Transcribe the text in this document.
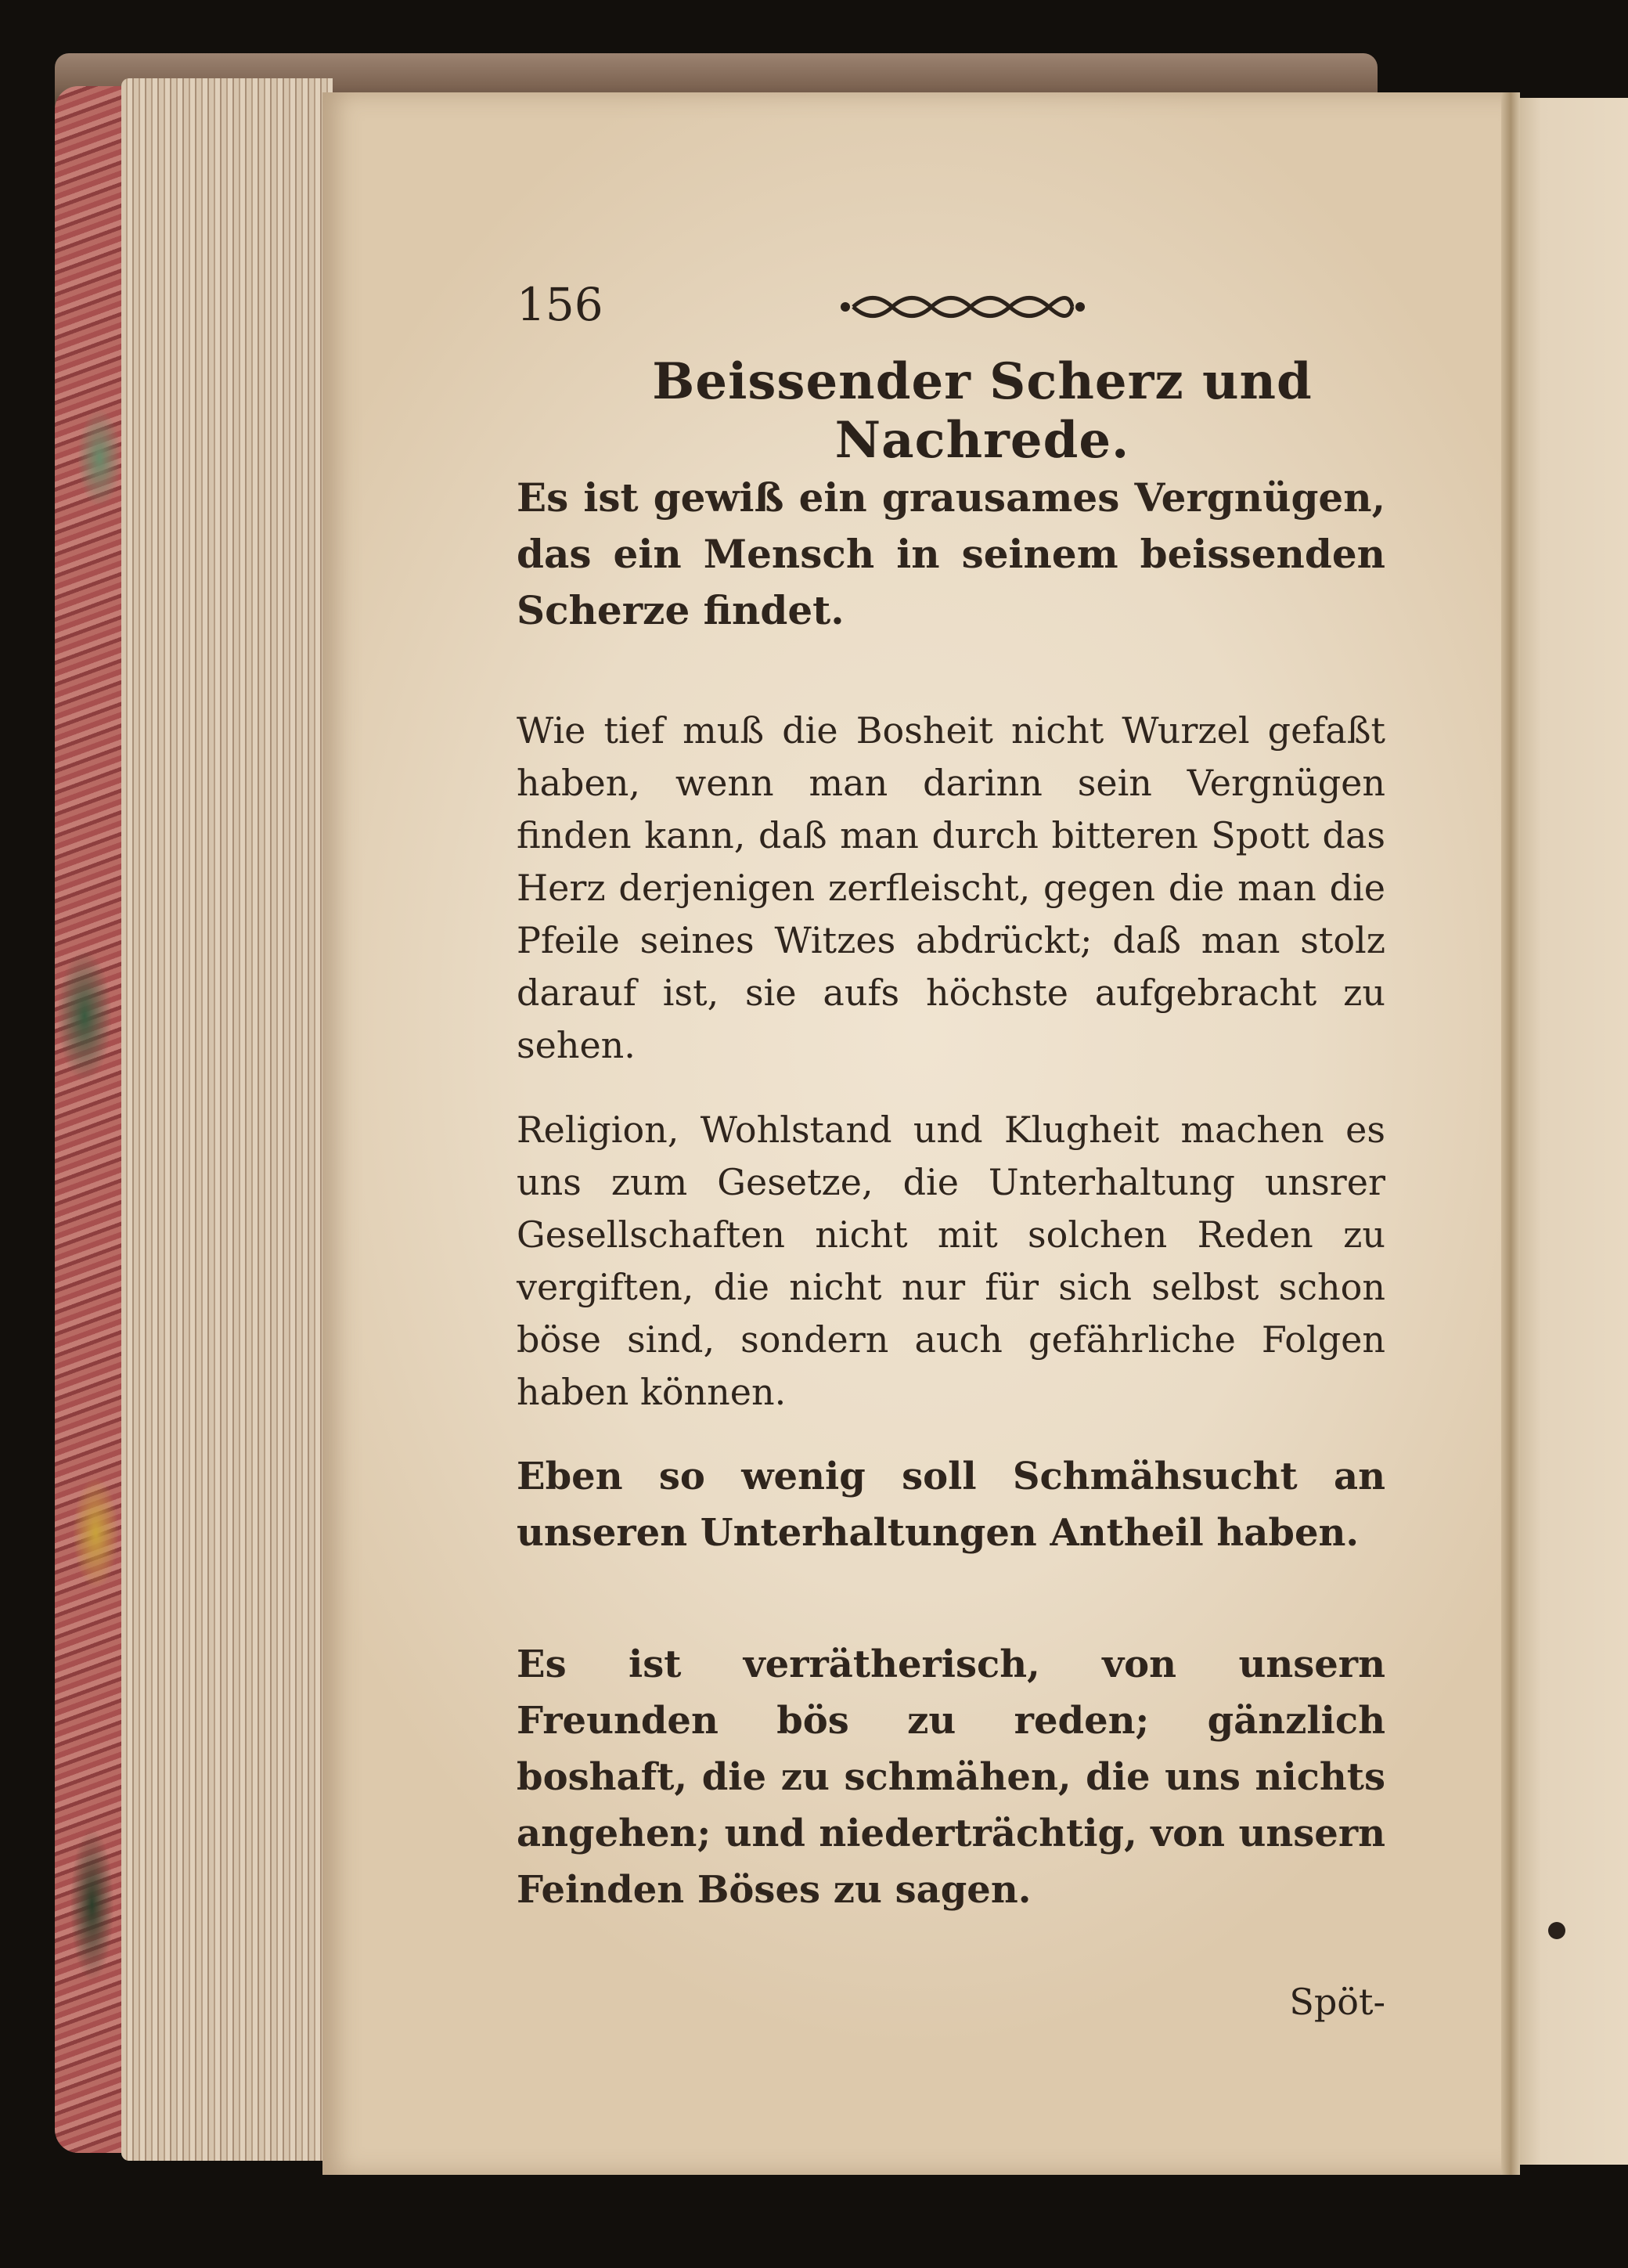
156
Beissender Scherz und Nachrede.
Es ist gewiß ein grausames Vergnügen, das ein Mensch in seinem beissenden Scherze findet.
Wie tief muß die Bosheit nicht Wurzel gefaßt haben, wenn man darinn sein Vergnügen finden kann, daß man durch bitteren Spott das Herz derjenigen zerfleischt, gegen die man die Pfeile seines Witzes abdrückt; daß man stolz darauf ist, sie aufs höchste aufgebracht zu sehen.
Religion, Wohlstand und Klugheit machen es uns zum Gesetze, die Unterhaltung unsrer Gesellschaften nicht mit solchen Reden zu vergiften, die nicht nur für sich selbst schon böse sind, sondern auch gefährliche Folgen haben können.
Eben so wenig soll Schmähsucht an unseren Unterhaltungen Antheil haben.
Es ist verrätherisch, von unsern Freunden bös zu reden; gänzlich boshaft, die zu schmähen, die uns nichts angehen; und niederträchtig, von unsern Feinden Böses zu sagen.
Spöt-
